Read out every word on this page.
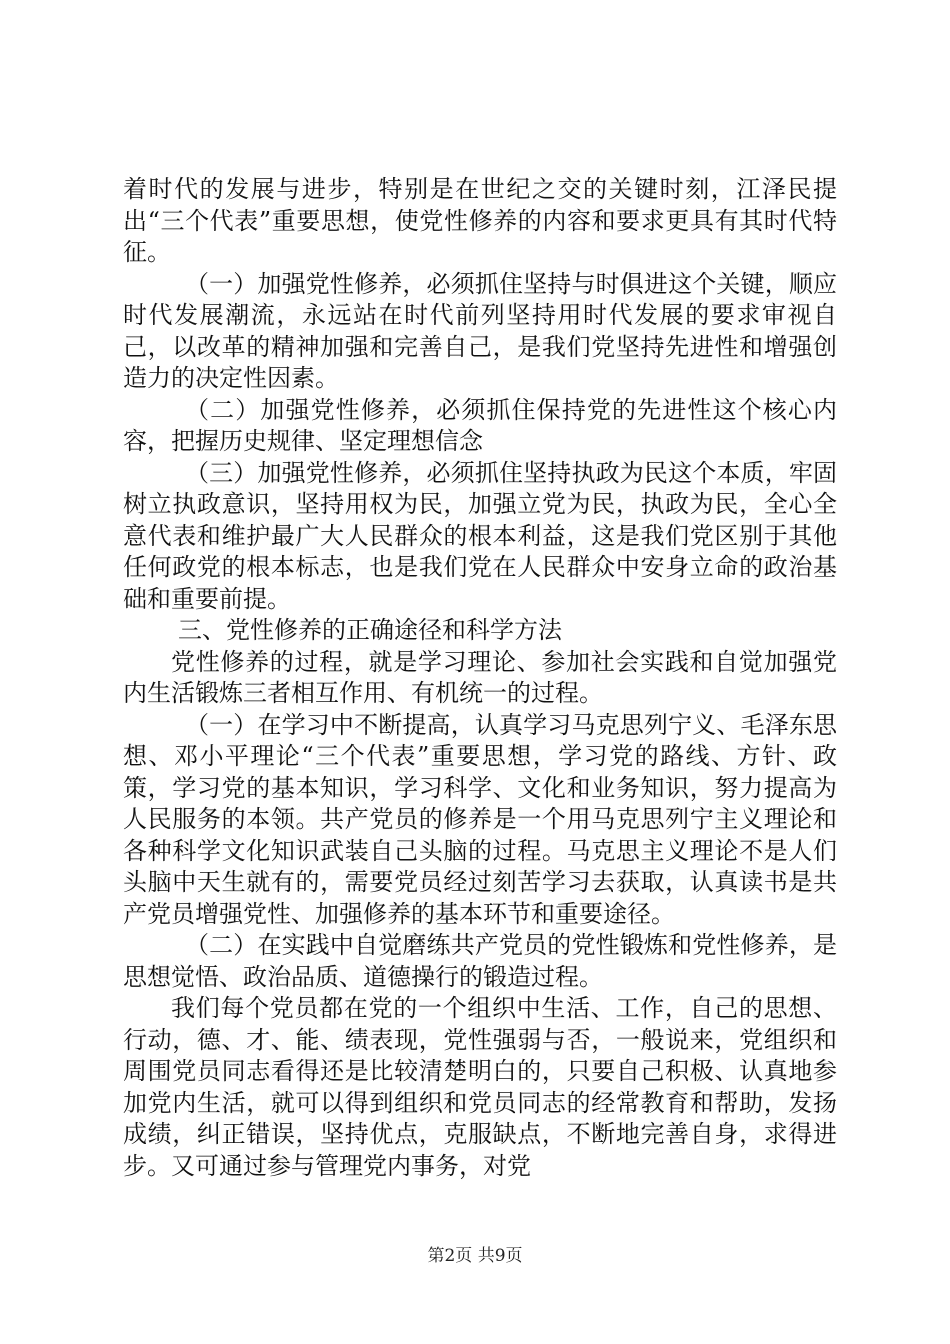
着时代的发展与进步，特别是在世纪之交的关键时刻，江泽民提出“三个代表”重要思想，使党性修养的内容和要求更具有其时代特征。

（一）加强党性修养，必须抓住坚持与时俱进这个关键，顺应时代发展潮流，永远站在时代前列坚持用时代发展的要求审视自己，以改革的精神加强和完善自己，是我们党坚持先进性和增强创造力的决定性因素。

（二）加强党性修养，必须抓住保持党的先进性这个核心内容，把握历史规律、坚定理想信念

（三）加强党性修养，必须抓住坚持执政为民这个本质，牢固树立执政意识，坚持用权为民，加强立党为民，执政为民，全心全意代表和维护最广大人民群众的根本利益，这是我们党区别于其他任何政党的根本标志，也是我们党在人民群众中安身立命的政治基础和重要前提。

三、党性修养的正确途径和科学方法

党性修养的过程，就是学习理论、参加社会实践和自觉加强党内生活锻炼三者相互作用、有机统一的过程。

（一）在学习中不断提高，认真学习马克思列宁义、毛泽东思想、邓小平理论“三个代表”重要思想，学习党的路线、方针、政策，学习党的基本知识，学习科学、文化和业务知识，努力提高为人民服务的本领。共产党员的修养是一个用马克思列宁主义理论和各种科学文化知识武装自己头脑的过程。马克思主义理论不是人们头脑中天生就有的，需要党员经过刻苦学习去获取，认真读书是共产党员增强党性、加强修养的基本环节和重要途径。

（二）在实践中自觉磨练共产党员的党性锻炼和党性修养，是思想觉悟、政治品质、道德操行的锻造过程。

我们每个党员都在党的一个组织中生活、工作，自己的思想、行动，德、才、能、绩表现，党性强弱与否，一般说来，党组织和周围党员同志看得还是比较清楚明白的，只要自己积极、认真地参加党内生活，就可以得到组织和党员同志的经常教育和帮助，发扬成绩，纠正错误，坚持优点，克服缺点，不断地完善自身，求得进步。又可通过参与管理党内事务，对党

第2页 共9页
